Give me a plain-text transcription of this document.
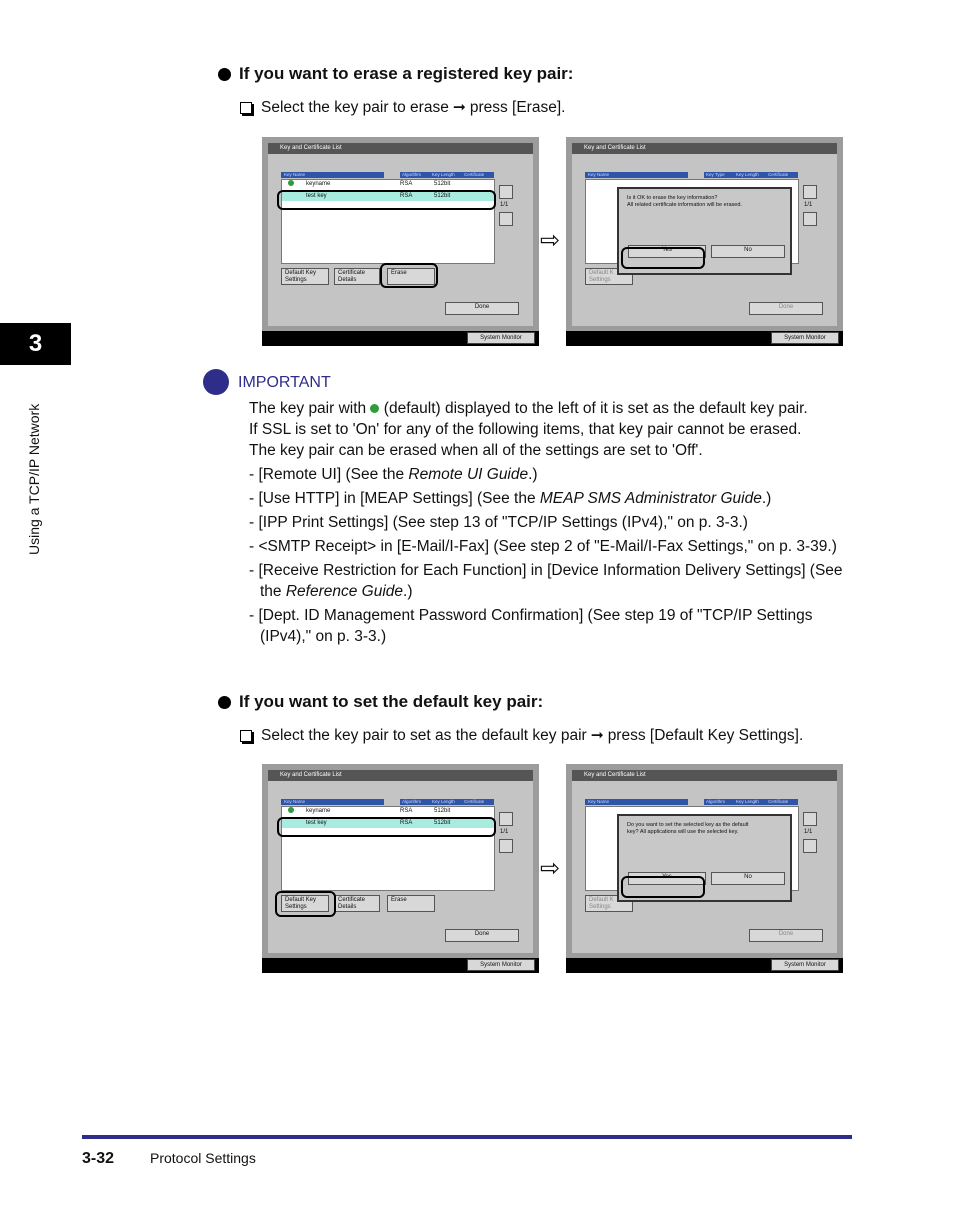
3
Using a TCP/IP Network
If you want to erase a registered key pair:
Select the key pair to erase ➞ press [Erase].
Key and Certificate List
Key Name	Algorithm	Key Length	Certificate
keyname	RSA	512bit
test key	RSA	512bit
1/1
Default Key
Settings
Certificate
Details
Erase
Done
System Monitor
⇨
Key and Certificate List
Key Name	Key Type	Key Length	Certificate
1/1
Default K
Settings
Done
Is it OK to erase the key information?
All related certificate information will be erased.
Yes	No
System Monitor
IMPORTANT
The key pair with (default) displayed to the left of it is set as the default key pair.
If SSL is set to 'On' for any of the following items, that key pair cannot be erased.
The key pair can be erased when all of the settings are set to 'Off'.
- [Remote UI] (See the Remote UI Guide.)
- [Use HTTP] in [MEAP Settings] (See the MEAP SMS Administrator Guide.)
- [IPP Print Settings] (See step 13 of "TCP/IP Settings (IPv4)," on p. 3-3.)
- <SMTP Receipt> in [E-Mail/I-Fax] (See step 2 of "E-Mail/I-Fax Settings," on p. 3-39.)
- [Receive Restriction for Each Function] in [Device Information Delivery Settings] (See the Reference Guide.)
- [Dept. ID Management Password Confirmation] (See step 19 of "TCP/IP Settings (IPv4)," on p. 3-3.)
If you want to set the default key pair:
Select the key pair to set as the default key pair ➞ press [Default Key Settings].
Key and Certificate List
Key Name	Algorithm	Key Length	Certificate
keyname	RSA	512bit
test key	RSA	512bit
1/1
Default Key
Settings
Certificate
Details
Erase
Done
System Monitor
⇨
Key and Certificate List
Key Name	Algorithm	Key Length	Certificate
1/1
Default K
Settings
Done
Do you want to set the selected key as the default
key? All applications will use the selected key.
Yes	No
System Monitor
3-32	Protocol Settings
